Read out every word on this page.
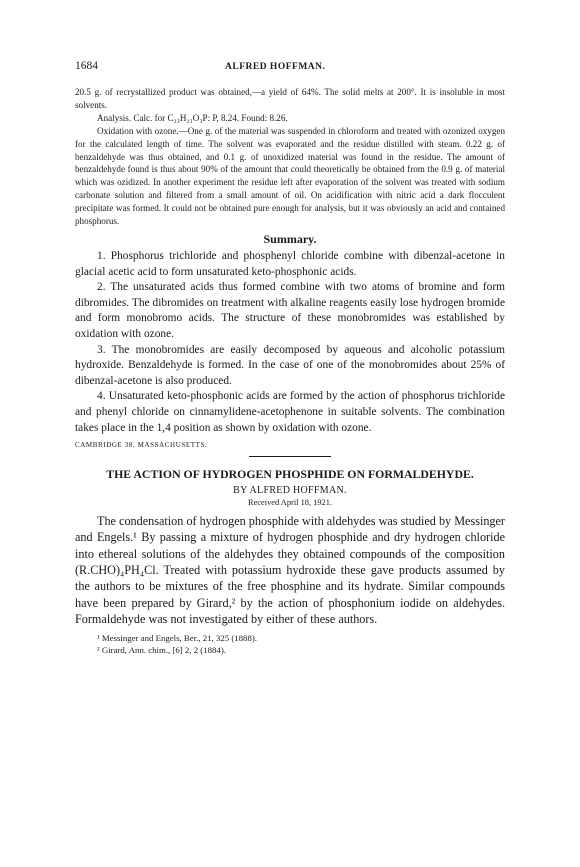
1684	ALFRED HOFFMAN.

20.5 g. of recrystallized product was obtained,—a yield of 64%. The solid melts at 200°. It is insoluble in most solvents.

Analysis. Calc. for C₂₃H₂₁O₃P: P, 8.24. Found: 8.26.

Oxidation with ozone.—One g. of the material was suspended in chloroform and treated with ozonized oxygen for the calculated length of time. The solvent was evaporated and the residue distilled with steam. 0.22 g. of benzaldehyde was thus obtained, and 0.1 g. of unoxidized material was found in the residue. The amount of benzaldehyde found is thus about 90% of the amount that could theoretically be obtained from the 0.9 g. of material which was ozidized. In another experiment the residue left after evaporation of the solvent was treated with sodium carbonate solution and filtered from a small amount of oil. On acidification with nitric acid a dark flocculent precipitate was formed. It could not be obtained pure enough for analysis, but it was obviously an acid and contained phosphorus.

Summary.

1. Phosphorus trichloride and phosphenyl chloride combine with dibenzal-acetone in glacial acetic acid to form unsaturated keto-phosphonic acids.

2. The unsaturated acids thus formed combine with two atoms of bromine and form dibromides. The dibromides on treatment with alkaline reagents easily lose hydrogen bromide and form monobromo acids. The structure of these monobromides was established by oxidation with ozone.

3. The monobromides are easily decomposed by aqueous and alcoholic potassium hydroxide. Benzaldehyde is formed. In the case of one of the monobromides about 25% of dibenzal-acetone is also produced.

4. Unsaturated keto-phosphonic acids are formed by the action of phosphorus trichloride and phenyl chloride on cinnamylidene-acetophenone in suitable solvents. The combination takes place in the 1,4 position as shown by oxidation with ozone.

CAMBRIDGE 38, MASSACHUSETTS.
THE ACTION OF HYDROGEN PHOSPHIDE ON FORMALDEHYDE.
BY ALFRED HOFFMAN.
Received April 18, 1921.

The condensation of hydrogen phosphide with aldehydes was studied by Messinger and Engels.¹ By passing a mixture of hydrogen phosphide and dry hydrogen chloride into ethereal solutions of the aldehydes they obtained compounds of the composition (R.CHO)₄PH₄Cl. Treated with potassium hydroxide these gave products assumed by the authors to be mixtures of the free phosphine and its hydrate. Similar compounds have been prepared by Girard,² by the action of phosphonium iodide on aldehydes. Formaldehyde was not investigated by either of these authors.

¹ Messinger and Engels, Ber., 21, 325 (1888).

² Girard, Ann. chim., [6] 2, 2 (1884).
